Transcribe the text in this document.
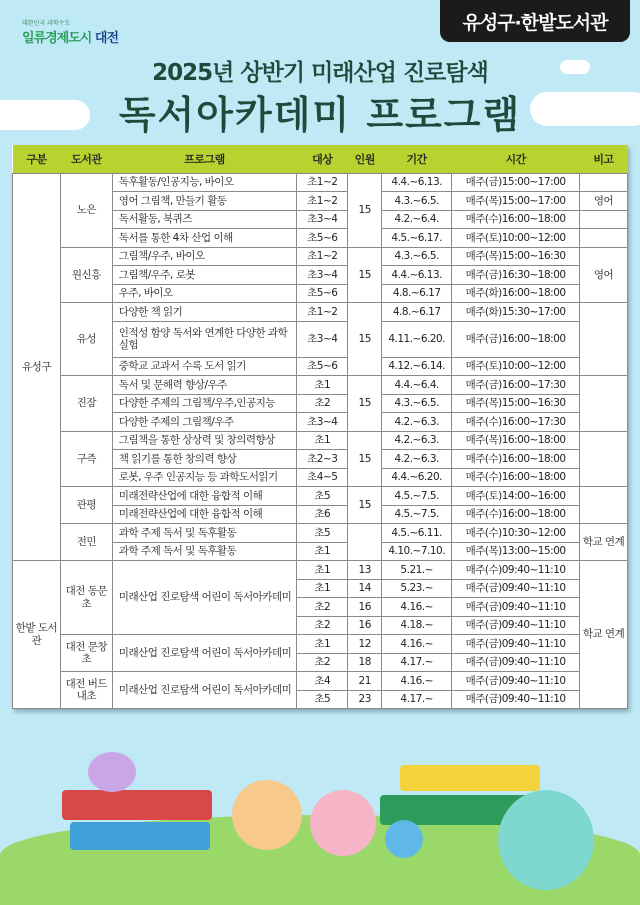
대한민국 과학수도
일류경제도시 대전
유성구·한밭도서관
2025년 상반기 미래산업 진로탐색
독서아카데미 프로그램
구분	도서관	프로그램	대상	인원	기간	시간	비고
유성구	노은	독후활동/인공지능, 바이오	초1~2	15	4.4.~6.13.	매주(금)15:00~17:00	
		영어 그림책, 만들기 활동	초1~2		4.3.~6.5.	매주(목)15:00~17:00	영어
		독서활동, 북퀴즈	초3~4		4.2.~6.4.	매주(수)16:00~18:00	
		독서를 통한 4차 산업 이해	초5~6		4.5.~6.17.	매주(토)10:00~12:00	
	원신흥	그림책/우주, 바이오	초1~2	15	4.3.~6.5.	매주(목)15:00~16:30	영어
		그림책/우주, 로봇	초3~4		4.4.~6.13.	매주(금)16:30~18:00	
		우주, 바이오	초5~6		4.8.~6.17	매주(화)16:00~18:00	
	유성	다양한 책 읽기	초1~2	15	4.8.~6.17	매주(화)15:30~17:00	
		인적성 함양 독서와 연계한 다양한 과학실험	초3~4		4.11.~6.20.	매주(금)16:00~18:00	
		중학교 교과서 수록 도서 읽기	초5~6		4.12.~6.14.	매주(토)10:00~12:00	
	진잠	독서 및 문해력 향상/우주	초1	15	4.4.~6.4.	매주(금)16:00~17:30	
		다양한 주제의 그림책/우주,인공지능	초2		4.3.~6.5.	매주(목)15:00~16:30	
		다양한 주제의 그림책/우주	초3~4		4.2.~6.3.	매주(수)16:00~17:30	
	구즉	그림책을 통한 상상력 및 창의력향상	초1	15	4.2.~6.3.	매주(목)16:00~18:00	
		책 읽기를 통한 창의력 향상	초2~3		4.2.~6.3.	매주(수)16:00~18:00	
		로봇, 우주 인공지능 등 과학도서읽기	초4~5		4.4.~6.20.	매주(수)16:00~18:00	
	관평	미래전략산업에 대한 융합적 이해	초5	15	4.5.~7.5.	매주(토)14:00~16:00	
		미래전략산업에 대한 융합적 이해	초6		4.5.~7.5.	매주(수)16:00~18:00	
	전민	과학 주제 독서 및 독후활동	초5		4.5.~6.11.	매주(수)10:30~12:00	학교 연계
		과학 주제 독서 및 독후활동	초1		4.10.~7.10.	매주(목)13:00~15:00	
한밭 도서관	대전 동문초	미래산업 진로탐색 어린이 독서아카데미	초1	13	5.21.~	매주(수)09:40~11:10	학교 연계
			초1	14	5.23.~	매주(금)09:40~11:10	
			초2	16	4.16.~	매주(금)09:40~11:10	
			초2	16	4.18.~	매주(금)09:40~11:10	
	대전 문창초	미래산업 진로탐색 어린이 독서아카데미	초1	12	4.16.~	매주(금)09:40~11:10	
			초2	18	4.17.~	매주(금)09:40~11:10	
	대전 버드내초	미래산업 진로탐색 어린이 독서아카데미	초4	21	4.16.~	매주(금)09:40~11:10	
			초5	23	4.17.~	매주(금)09:40~11:10	
